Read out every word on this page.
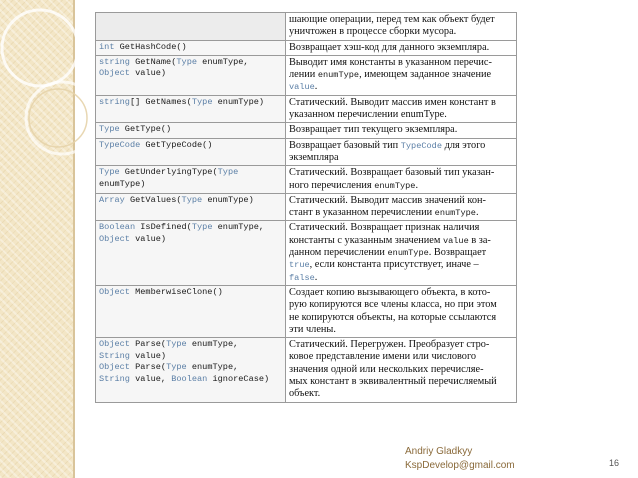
	шающие операции, перед тем как объект будет
уничтожен в процессе сборки мусора.

int GetHashCode()	Возвращает хэш-код для данного экземпляра.

string GetName(Type enumType,
Object value)	Выводит имя константы в указанном перечис-
лении enumType, имеющем заданное значение
value.

string[] GetNames(Type enumType)	Статический. Выводит массив имен констант в
указанном перечислении enumType.

Type GetType()	Возвращает тип текущего экземпляра.

TypeCode GetTypeCode()	Возвращает базовый тип TypeCode для этого
экземпляра

Type GetUnderlyingType(Type
enumType)	Статический. Возвращает базовый тип указан-
ного перечисления enumType.

Array GetValues(Type enumType)	Статический. Выводит массив значений кон-
стант в указанном перечислении enumType.

Boolean IsDefined(Type enumType,
Object value)	Статический. Возвращает признак наличия
константы с указанным значением value в за-
данном перечислении enumType. Возвращает
true, если константа присутствует, иначе –
false.

Object MemberwiseClone()	Создает копию вызывающего объекта, в кото-
рую копируются все члены класса, но при этом
не копируются объекты, на которые ссылаются
эти члены.

Object Parse(Type enumType,
String value)
Object Parse(Type enumType,
String value, Boolean ignoreCase)	Статический. Перегружен. Преобразует стро-
ковое представление имени или числового
значения одной или нескольких перечисляе-
мых констант в эквивалентный перечисляемый
объект.
Andriy Gladkyy
KspDevelop@gmail.com	16
